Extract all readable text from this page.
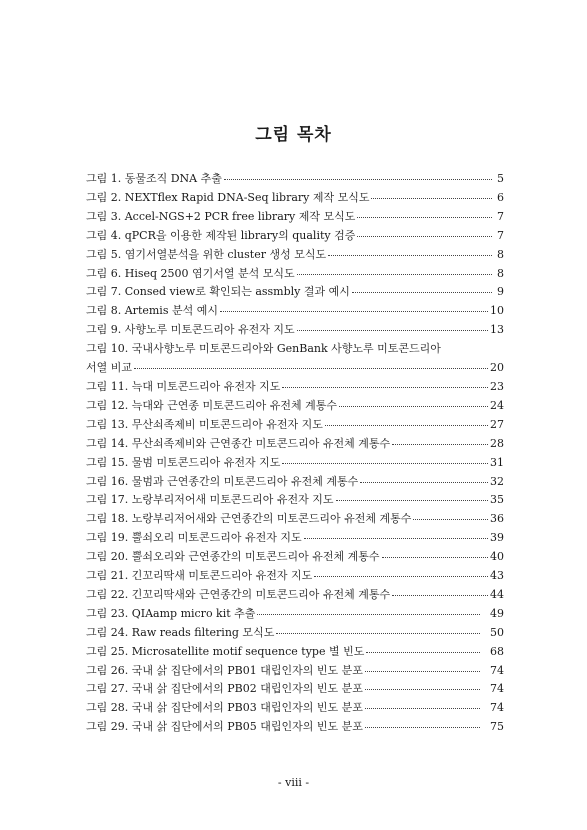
그림 목차
그림 1. 동물조직 DNA 추출	5
그림 2. NEXTflex Rapid DNA-Seq library 제작 모식도	6
그림 3. Accel-NGS+2 PCR free library 제작 모식도	7
그림 4. qPCR을 이용한 제작된 library의 quality 검증	7
그림 5. 염기서열분석을 위한 cluster 생성 모식도	8
그림 6. Hiseq 2500 염기서열 분석 모식도	8
그림 7. Consed view로 확인되는 assmbly 결과 예시	9
그림 8. Artemis 분석 예시	10
그림 9. 사향노루 미토콘드리아 유전자 지도	13
그림 10. 국내사향노루 미토콘드리아와 GenBank 사향노루 미토콘드리아
서열 비교	20
그림 11. 늑대 미토콘드리아 유전자 지도	23
그림 12. 늑대와 근연종 미토콘드리아 유전체 계통수	24
그림 13. 무산쇠족제비 미토콘드리아 유전자 지도	27
그림 14. 무산쇠족제비와 근연종간 미토콘드리아 유전체 계통수	28
그림 15. 물범 미토콘드리아 유전자 지도	31
그림 16. 물범과 근연종간의 미토콘드리아 유전체 계통수	32
그림 17. 노랑부리저어새 미토콘드리아 유전자 지도	35
그림 18. 노랑부리저어새와 근연종간의 미토콘드리아 유전체 계통수	36
그림 19. 뿔쇠오리 미토콘드리아 유전자 지도	39
그림 20. 뿔쇠오리와 근연종간의 미토콘드리아 유전체 계통수	40
그림 21. 긴꼬리딱새 미토콘드리아 유전자 지도	43
그림 22. 긴꼬리딱새와 근연종간의 미토콘드리아 유전체 계통수	44
그림 23. QIAamp micro kit 추출	49
그림 24. Raw reads filtering 모식도	50
그림 25. Microsatellite motif sequence type 별 빈도	68
그림 26. 국내 삵 집단에서의 PB01 대립인자의 빈도 분포	74
그림 27. 국내 삵 집단에서의 PB02 대립인자의 빈도 분포	74
그림 28. 국내 삵 집단에서의 PB03 대립인자의 빈도 분포	74
그림 29. 국내 삵 집단에서의 PB05 대립인자의 빈도 분포	75
- viii -
